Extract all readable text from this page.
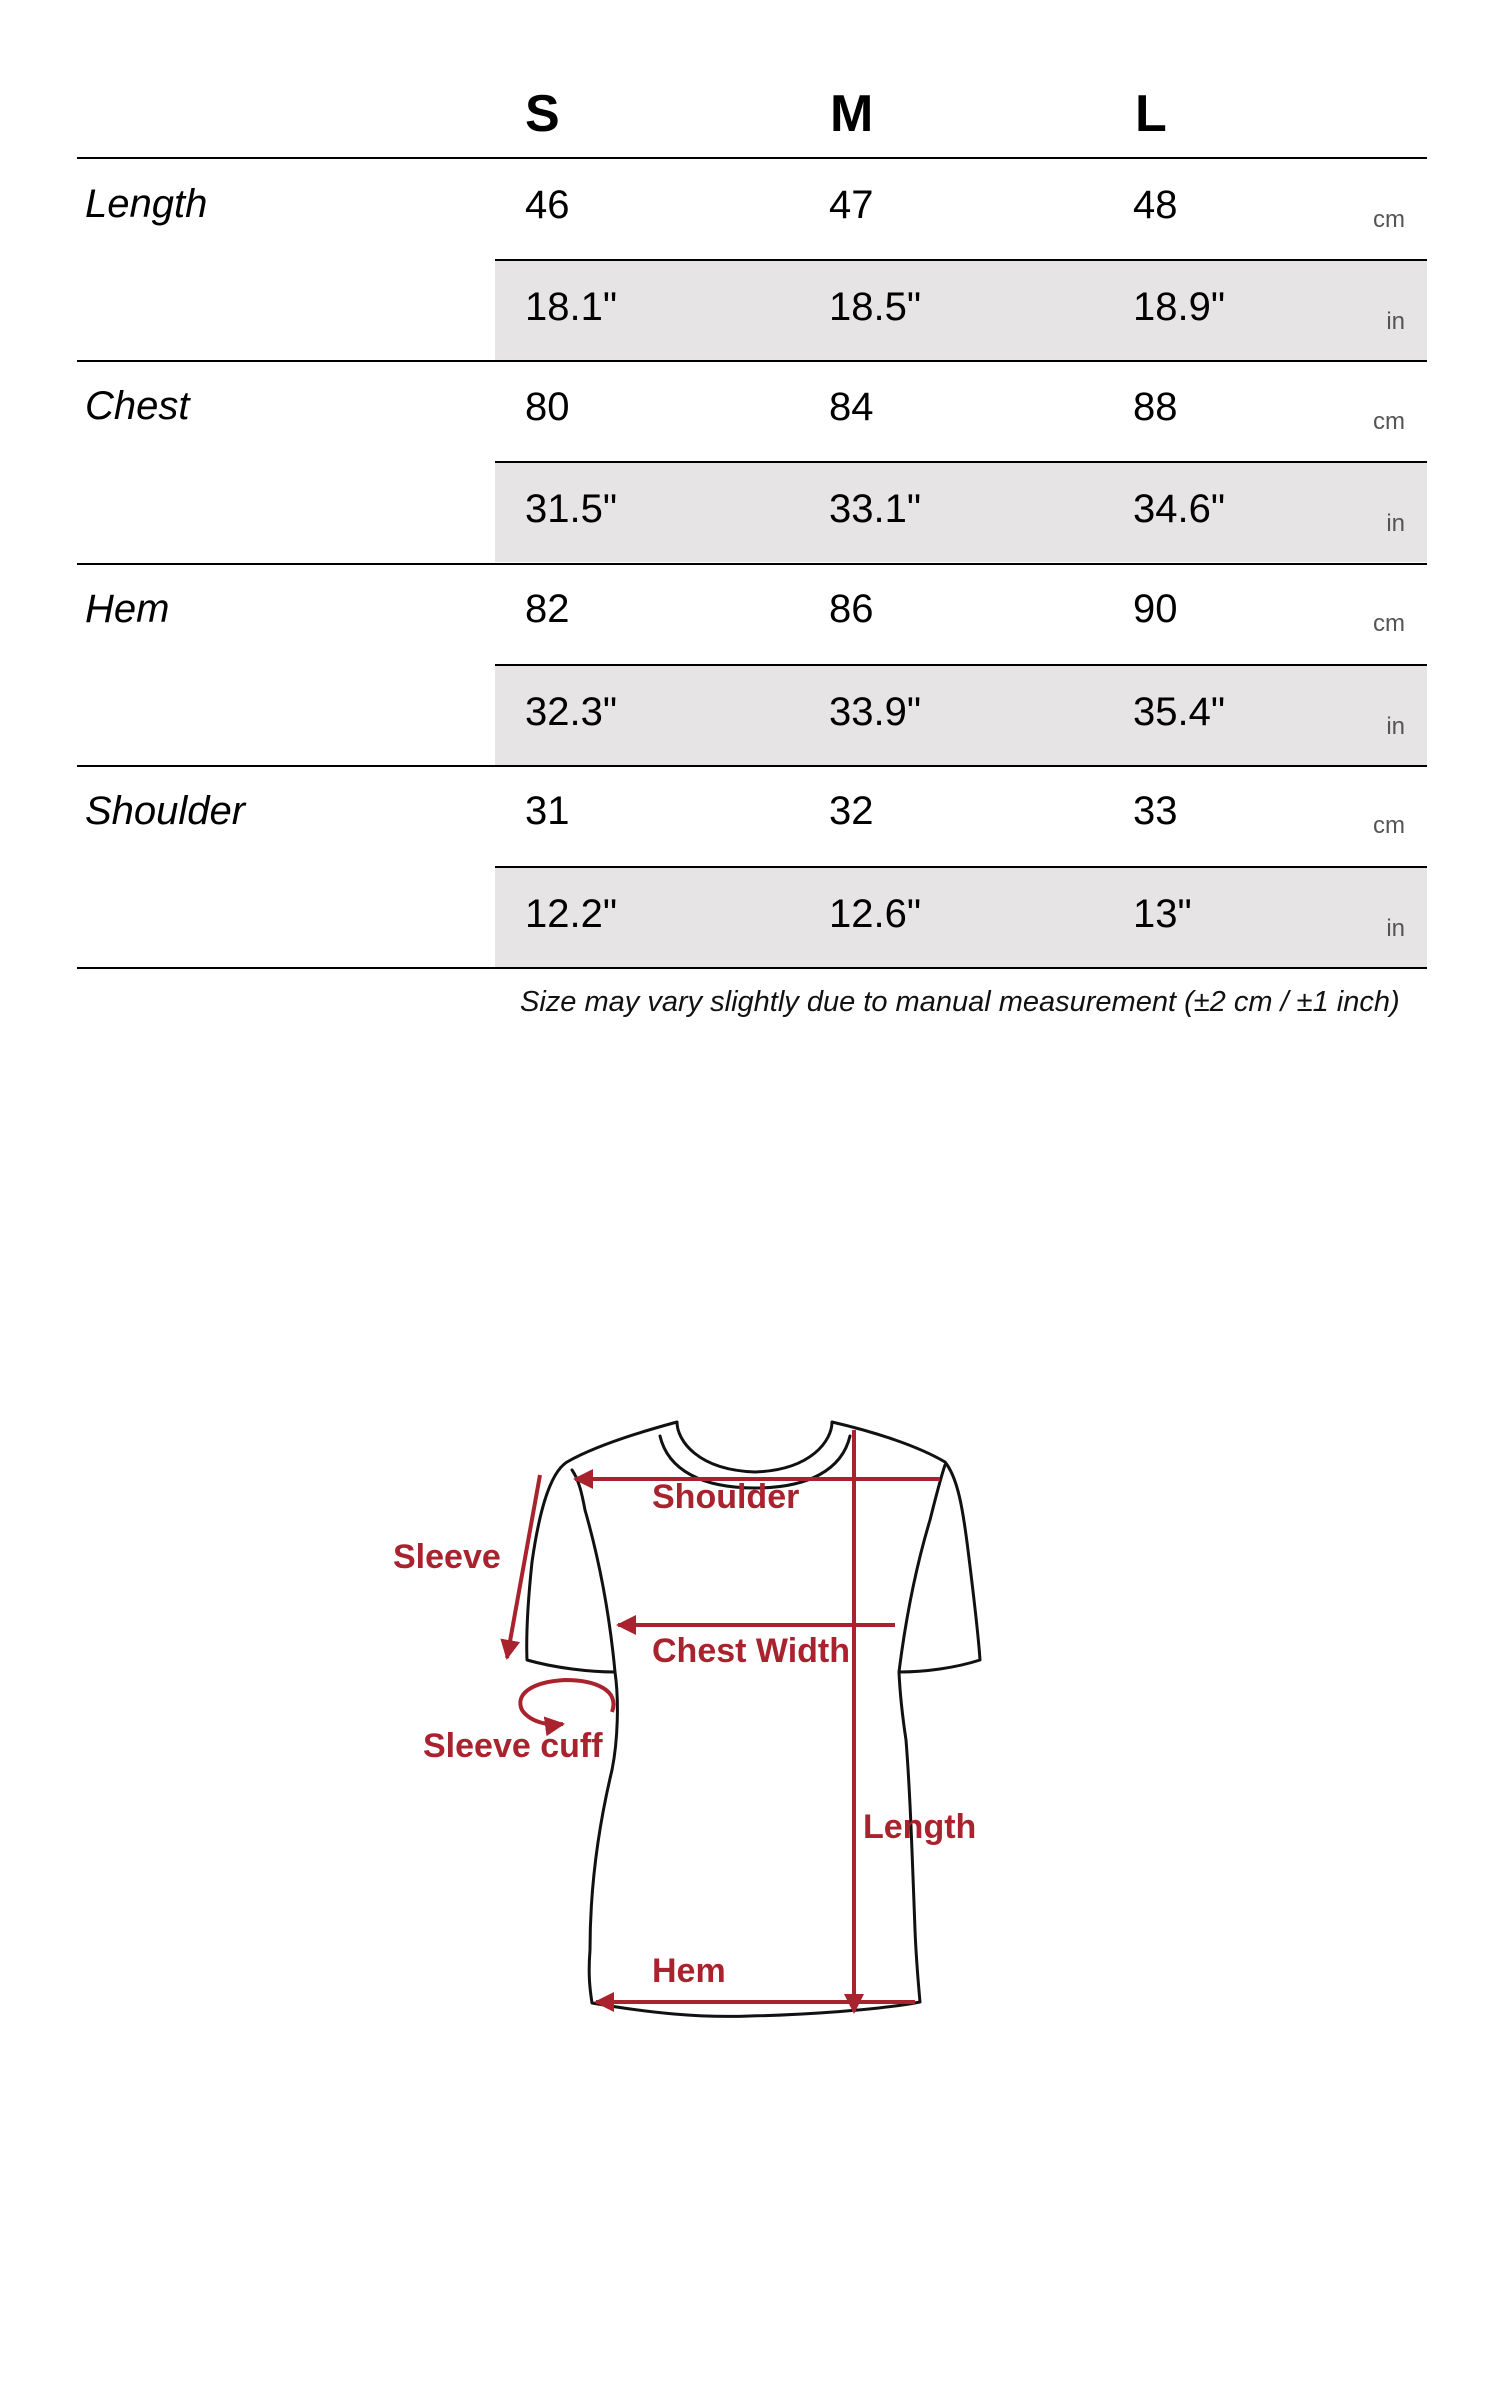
S	M	L
Length	46	47	48	cm
18.1"	18.5"	18.9"	in
Chest	80	84	88	cm
31.5"	33.1"	34.6"	in
Hem	82	86	90	cm
32.3"	33.9"	35.4"	in
Shoulder	31	32	33	cm
12.2"	12.6"	13"	in
Size may vary slightly due to manual measurement (±2 cm / ±1 inch)
Shoulder
Sleeve
Chest Width
Sleeve cuff
Length
Hem
